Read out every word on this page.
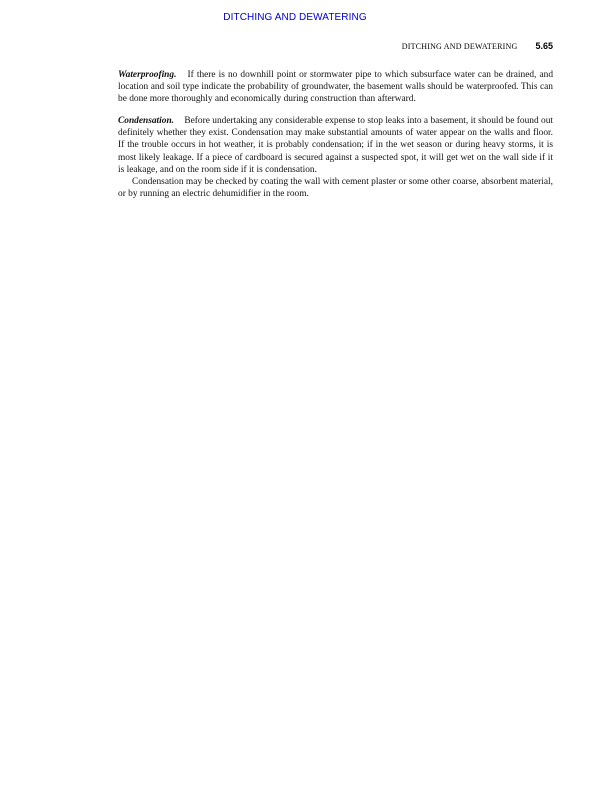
DITCHING AND DEWATERING
DITCHING AND DEWATERING 5.65

Waterproofing. If there is no downhill point or stormwater pipe to which subsurface water can be drained, and location and soil type indicate the probability of groundwater, the basement walls should be waterproofed. This can be done more thoroughly and economically during construction than afterward.

Condensation. Before undertaking any considerable expense to stop leaks into a basement, it should be found out definitely whether they exist. Condensation may make substantial amounts of water appear on the walls and floor. If the trouble occurs in hot weather, it is probably condensation; if in the wet season or during heavy storms, it is most likely leakage. If a piece of cardboard is secured against a suspected spot, it will get wet on the wall side if it is leakage, and on the room side if it is condensation.

Condensation may be checked by coating the wall with cement plaster or some other coarse, absorbent material, or by running an electric dehumidifier in the room.
